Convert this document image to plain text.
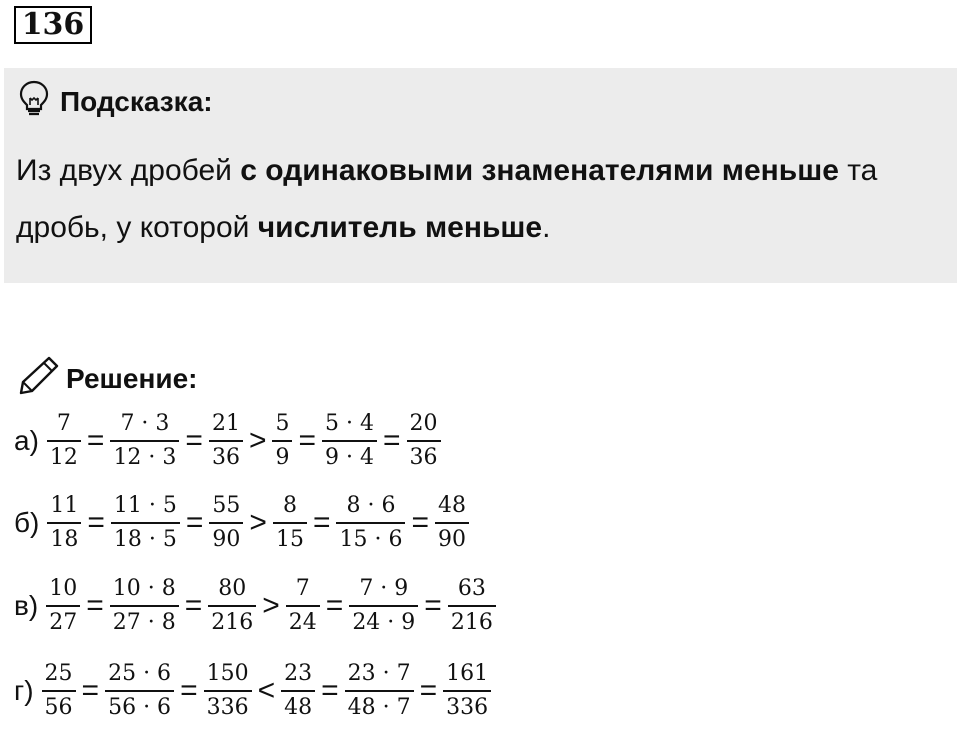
136
Подсказка:
Из двух дробей с одинаковыми знаменателями меньше та дробь, у которой числитель меньше.
Решение:
$а) \frac{7}{12} = \frac{7 \cdot 3}{12 \cdot 3} = \frac{21}{36} > \frac{5}{9} = \frac{5 \cdot 4}{9 \cdot 4} = \frac{20}{36}$
$б) \frac{11}{18} = \frac{11 \cdot 5}{18 \cdot 5} = \frac{55}{90} > \frac{8}{15} = \frac{8 \cdot 6}{15 \cdot 6} = \frac{48}{90}$
$в) \frac{10}{27} = \frac{10 \cdot 8}{27 \cdot 8} = \frac{80}{216} > \frac{7}{24} = \frac{7 \cdot 9}{24 \cdot 9} = \frac{63}{216}$
$г) \frac{25}{56} = \frac{25 \cdot 6}{56 \cdot 6} = \frac{150}{336} < \frac{23}{48} = \frac{23 \cdot 7}{48 \cdot 7} = \frac{161}{336}$
